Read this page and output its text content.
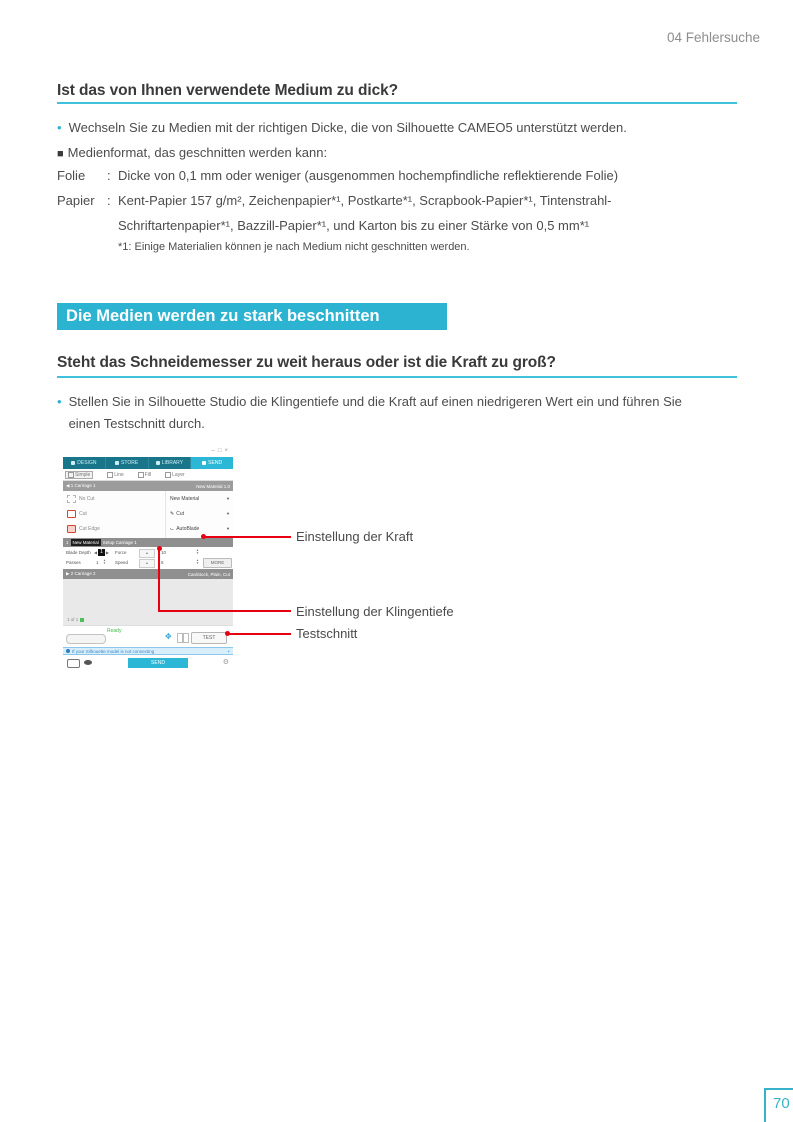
04 Fehlersuche
Ist das von Ihnen verwendete Medium zu dick?
• Wechseln Sie zu Medien mit der richtigen Dicke, die von Silhouette CAMEO5 unterstützt werden.
■ Medienformat, das geschnitten werden kann:
Folie : Dicke von 0,1 mm oder weniger (ausgenommen hochempfindliche reflektierende Folie)
Papier : Kent-Papier 157 g/m², Zeichenpapier*¹, Postkarte*¹, Scrapbook-Papier*¹, Tintenstrahl-
Schriftartenpapier*¹, Bazzill-Papier*¹, und Karton bis zu einer Stärke von 0,5 mm*¹
*1: Einige Materialien können je nach Medium nicht geschnitten werden.
Die Medien werden zu stark beschnitten
Steht das Schneidemesser zu weit heraus oder ist die Kraft zu groß?
• Stellen Sie in Silhouette Studio die Klingentiefe und die Kraft auf einen niedrigeren Wert ein und führen Sie
einen Testschnitt durch.
–□×
DESIGN	STORE	LIBRARY	SEND
Simple	Line	Fill	Layer
◀ 1 Carriage 1	New Material 1.0
No Cut
Cut
Cut Edge
New Material	▼
✎ Cut	▼
⌙ AutoBlade	▼
1 New Material Setup Carriage 1
Blade Depth ◀ 1 ▶ Force	▲	10	▲
▼
Passes	1 ▲
▼ Speed	▲	5	▲
▼	MORE
▶ 2 Carriage 2	Cardstock, Plain, Cut
1 of 1
Ready
✥	TEST
If your Silhouette model is not connecting	+
SEND	⚙
Einstellung der Kraft
Einstellung der Klingentiefe
Testschnitt
70
